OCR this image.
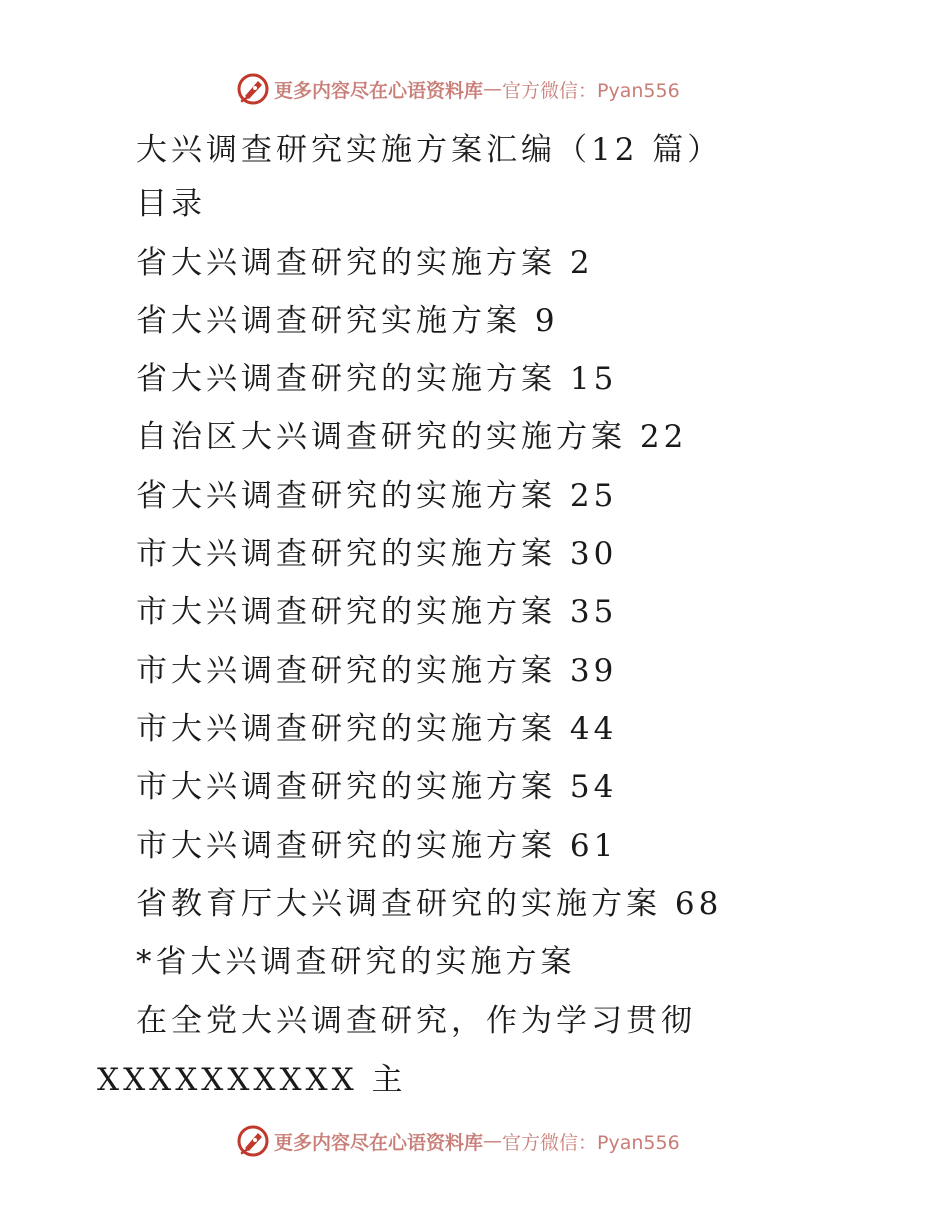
更多内容尽在心语资料库 — 官方微信：Pyan556
大兴调查研究实施方案汇编（12 篇）
目录
省大兴调查研究的实施方案 2
省大兴调查研究实施方案 9
省大兴调查研究的实施方案 15
自治区大兴调查研究的实施方案 22
省大兴调查研究的实施方案 25
市大兴调查研究的实施方案 30
市大兴调查研究的实施方案 35
市大兴调查研究的实施方案 39
市大兴调查研究的实施方案 44
市大兴调查研究的实施方案 54
市大兴调查研究的实施方案 61
省教育厅大兴调查研究的实施方案 68
*省大兴调查研究的实施方案
在全党大兴调查研究，作为学习贯彻
XXXXXXXXXX 主
更多内容尽在心语资料库 — 官方微信：Pyan556
